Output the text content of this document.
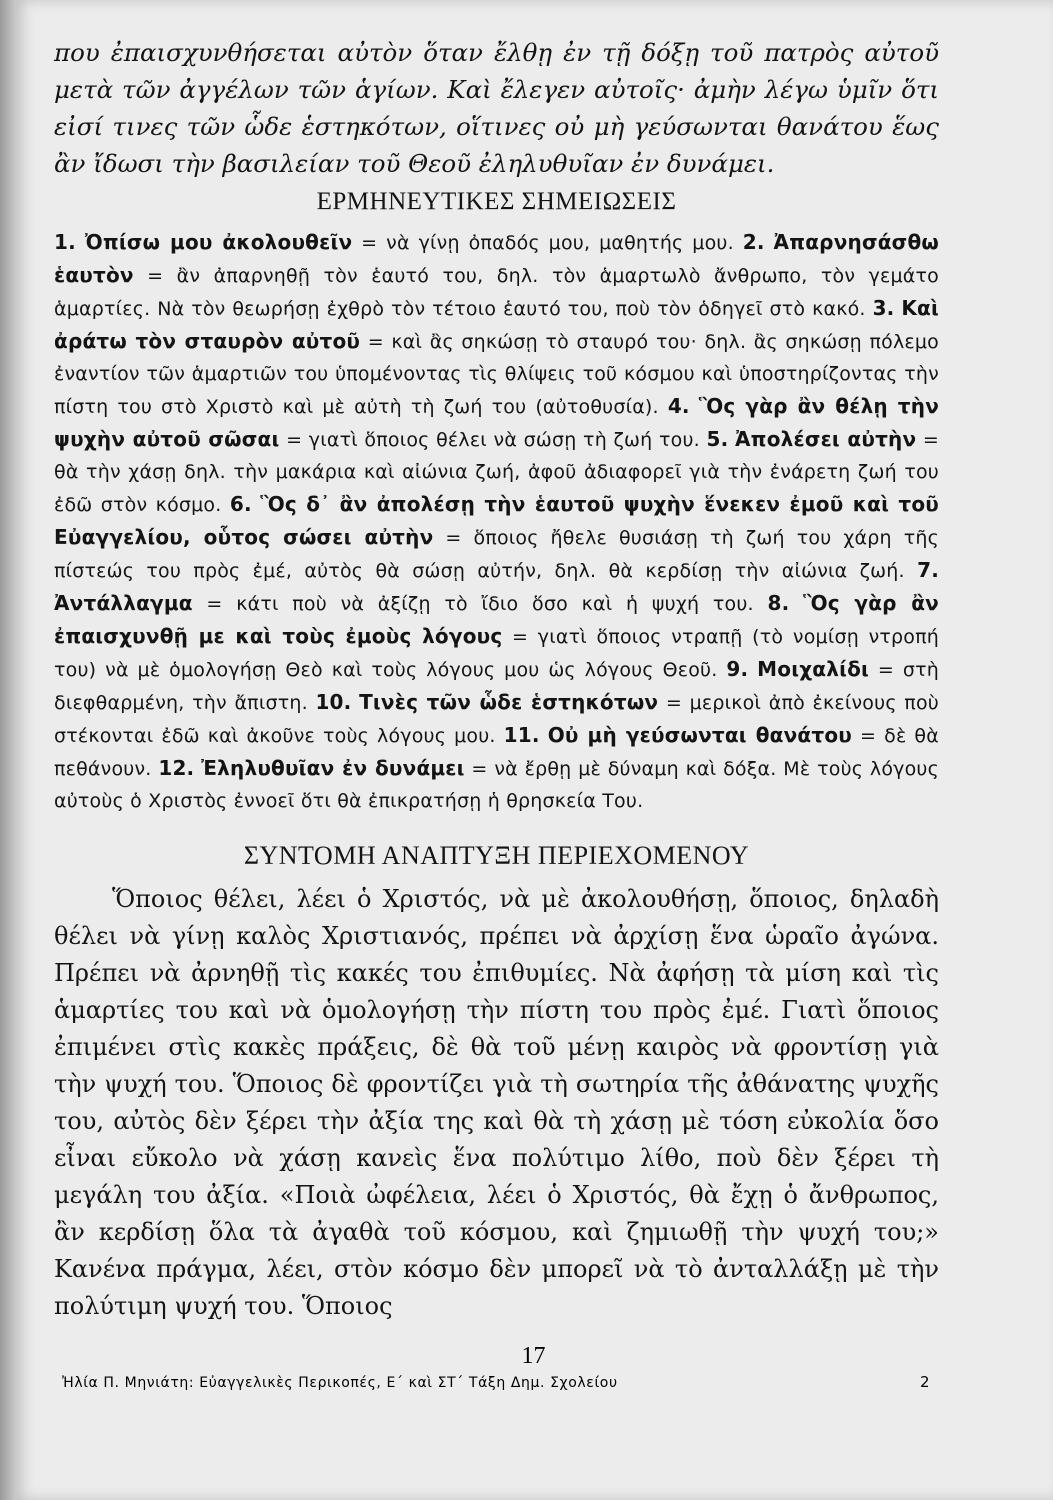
που ἐπαισχυνθήσεται αὐτὸν ὅταν ἔλθῃ ἐν τῇ δόξῃ τοῦ πατρὸς αὐτοῦ μετὰ τῶν ἀγγέλων τῶν ἁγίων. Καὶ ἔλεγεν αὐτοῖς· ἀμὴν λέγω ὑμῖν ὅτι εἰσί τινες τῶν ὧδε ἑστηκότων, οἵτινες οὐ μὴ γεύσωνται θανάτου ἕως ἂν ἴδωσι τὴν βασιλείαν τοῦ Θεοῦ ἐληλυθυῖαν ἐν δυνάμει.

ΕΡΜΗΝΕΥΤΙΚΕΣ ΣΗΜΕΙΩΣΕΙΣ

1. Ὀπίσω μου ἀκολουθεῖν = νὰ γίνῃ ὀπαδός μου, μαθητής μου. 2. Ἀπαρνησάσθω ἑαυτὸν = ἂν ἀπαρνηθῇ τὸν ἑαυτό του, δηλ. τὸν ἁμαρτωλὸ ἄνθρωπο, τὸν γεμάτο ἁμαρτίες. Νὰ τὸν θεωρήσῃ ἐχθρὸ τὸν τέτοιο ἑαυτό του, ποὺ τὸν ὁδηγεῖ στὸ κακό. 3. Καὶ ἀράτω τὸν σταυρὸν αὐτοῦ = καὶ ἂς σηκώσῃ τὸ σταυρό του· δηλ. ἂς σηκώσῃ πόλεμο ἐναντίον τῶν ἁμαρτιῶν του ὑπομένοντας τὶς θλίψεις τοῦ κόσμου καὶ ὑποστηρίζοντας τὴν πίστη του στὸ Χριστὸ καὶ μὲ αὐτὴ τὴ ζωή του (αὐτοθυσία). 4. Ὃς γὰρ ἂν θέλῃ τὴν ψυχὴν αὐτοῦ σῶσαι = γιατὶ ὅποιος θέλει νὰ σώσῃ τὴ ζωή του. 5. Ἀπολέσει αὐτὴν = θὰ τὴν χάσῃ δηλ. τὴν μακάρια καὶ αἰώνια ζωή, ἀφοῦ ἀδιαφορεῖ γιὰ τὴν ἐνάρετη ζωή του ἐδῶ στὸν κόσμο. 6. Ὃς δ᾿ ἂν ἀπολέσῃ τὴν ἑαυτοῦ ψυχὴν ἕνεκεν ἐμοῦ καὶ τοῦ Εὐαγγελίου, οὗτος σώσει αὐτὴν = ὅποιος ἤθελε θυσιάσῃ τὴ ζωή του χάρη τῆς πίστεώς του πρὸς ἐμέ, αὐτὸς θὰ σώσῃ αὐτήν, δηλ. θὰ κερδίσῃ τὴν αἰώνια ζωή. 7. Ἀντάλλαγμα = κάτι ποὺ νὰ ἀξίζῃ τὸ ἴδιο ὅσο καὶ ἡ ψυχή του. 8. Ὃς γὰρ ἂν ἐπαισχυνθῇ με καὶ τοὺς ἐμοὺς λόγους = γιατὶ ὅποιος ντραπῇ (τὸ νομίσῃ ντροπή του) νὰ μὲ ὁμολογήσῃ Θεὸ καὶ τοὺς λόγους μου ὡς λόγους Θεοῦ. 9. Μοιχαλίδι = στὴ διεφθαρμένη, τὴν ἄπιστη. 10. Τινὲς τῶν ὧδε ἑστηκότων = μερικοὶ ἀπὸ ἐκείνους ποὺ στέκονται ἐδῶ καὶ ἀκοῦνε τοὺς λόγους μου. 11. Οὐ μὴ γεύσωνται θανάτου = δὲ θὰ πεθάνουν. 12. Ἐληλυθυῖαν ἐν δυνάμει = νὰ ἔρθῃ μὲ δύναμη καὶ δόξα. Μὲ τοὺς λόγους αὐτοὺς ὁ Χριστὸς ἐννοεῖ ὅτι θὰ ἐπικρατήσῃ ἡ θρησκεία Του.

ΣΥΝΤΟΜΗ ΑΝΑΠΤΥΞΗ ΠΕΡΙΕΧΟΜΕΝΟΥ

Ὅποιος θέλει, λέει ὁ Χριστός, νὰ μὲ ἀκολουθήσῃ, ὅποιος, δηλαδὴ θέλει νὰ γίνῃ καλὸς Χριστιανός, πρέπει νὰ ἀρχίσῃ ἕνα ὡραῖο ἀγώνα. Πρέπει νὰ ἀρνηθῇ τὶς κακές του ἐπιθυμίες. Νὰ ἀφήσῃ τὰ μίση καὶ τὶς ἁμαρτίες του καὶ νὰ ὁμολογήσῃ τὴν πίστη του πρὸς ἐμέ. Γιατὶ ὅποιος ἐπιμένει στὶς κακὲς πράξεις, δὲ θὰ τοῦ μένῃ καιρὸς νὰ φροντίσῃ γιὰ τὴν ψυχή του. Ὅποιος δὲ φροντίζει γιὰ τὴ σωτηρία τῆς ἀθάνατης ψυχῆς του, αὐτὸς δὲν ξέρει τὴν ἀξία της καὶ θὰ τὴ χάσῃ μὲ τόση εὐκολία ὅσο εἶναι εὔκολο νὰ χάσῃ κανεὶς ἕνα πολύτιμο λίθο, ποὺ δὲν ξέρει τὴ μεγάλη του ἀξία. «Ποιὰ ὠφέλεια, λέει ὁ Χριστός, θὰ ἔχῃ ὁ ἄνθρωπος, ἂν κερδίσῃ ὅλα τὰ ἀγαθὰ τοῦ κόσμου, καὶ ζημιωθῇ τὴν ψυχή του;» Κανένα πράγμα, λέει, στὸν κόσμο δὲν μπορεῖ νὰ τὸ ἀνταλλάξῃ μὲ τὴν πολύτιμη ψυχή του. Ὅποιος

17
Ἠλία Π. Μηνιάτη: Εὐαγγελικὲς Περικοπές, Ε΄ καὶ ΣΤ΄ Τάξη Δημ. Σχολείου	2
